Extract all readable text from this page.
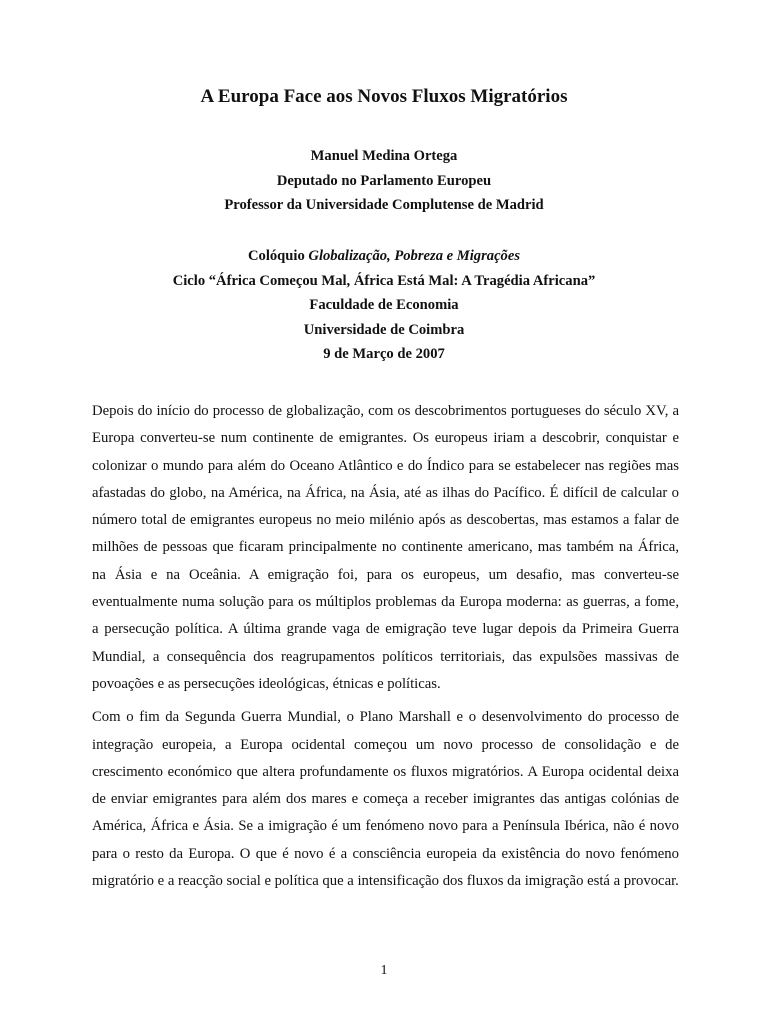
A Europa Face aos Novos Fluxos Migratórios
Manuel Medina Ortega
Deputado no Parlamento Europeu
Professor da Universidade Complutense de Madrid
Colóquio Globalização, Pobreza e Migrações
Ciclo “África Começou Mal, África Está Mal: A Tragédia Africana”
Faculdade de Economia
Universidade de Coimbra
9 de Março de 2007

Depois do início do processo de globalização, com os descobrimentos portugueses do século XV, a Europa converteu-se num continente de emigrantes. Os europeus iriam a descobrir, conquistar e colonizar o mundo para além do Oceano Atlântico e do Índico para se estabelecer nas regiões mas afastadas do globo, na América, na África, na Ásia, até as ilhas do Pacífico. É difícil de calcular o número total de emigrantes europeus no meio milénio após as descobertas, mas estamos a falar de milhões de pessoas que ficaram principalmente no continente americano, mas também na África, na Ásia e na Oceânia. A emigração foi, para os europeus, um desafio, mas converteu-se eventualmente numa solução para os múltiplos problemas da Europa moderna: as guerras, a fome, a persecução política. A última grande vaga de emigração teve lugar depois da Primeira Guerra Mundial, a consequência dos reagrupamentos políticos territoriais, das expulsões massivas de povoações e as persecuções ideológicas, étnicas e políticas.

Com o fim da Segunda Guerra Mundial, o Plano Marshall e o desenvolvimento do processo de integração europeia, a Europa ocidental começou um novo processo de consolidação e de crescimento económico que altera profundamente os fluxos migratórios. A Europa ocidental deixa de enviar emigrantes para além dos mares e começa a receber imigrantes das antigas colónias de América, África e Ásia. Se a imigração é um fenómeno novo para a Península Ibérica, não é novo para o resto da Europa. O que é novo é a consciência europeia da existência do novo fenómeno migratório e a reacção social e política que a intensificação dos fluxos da imigração está a provocar.

1
